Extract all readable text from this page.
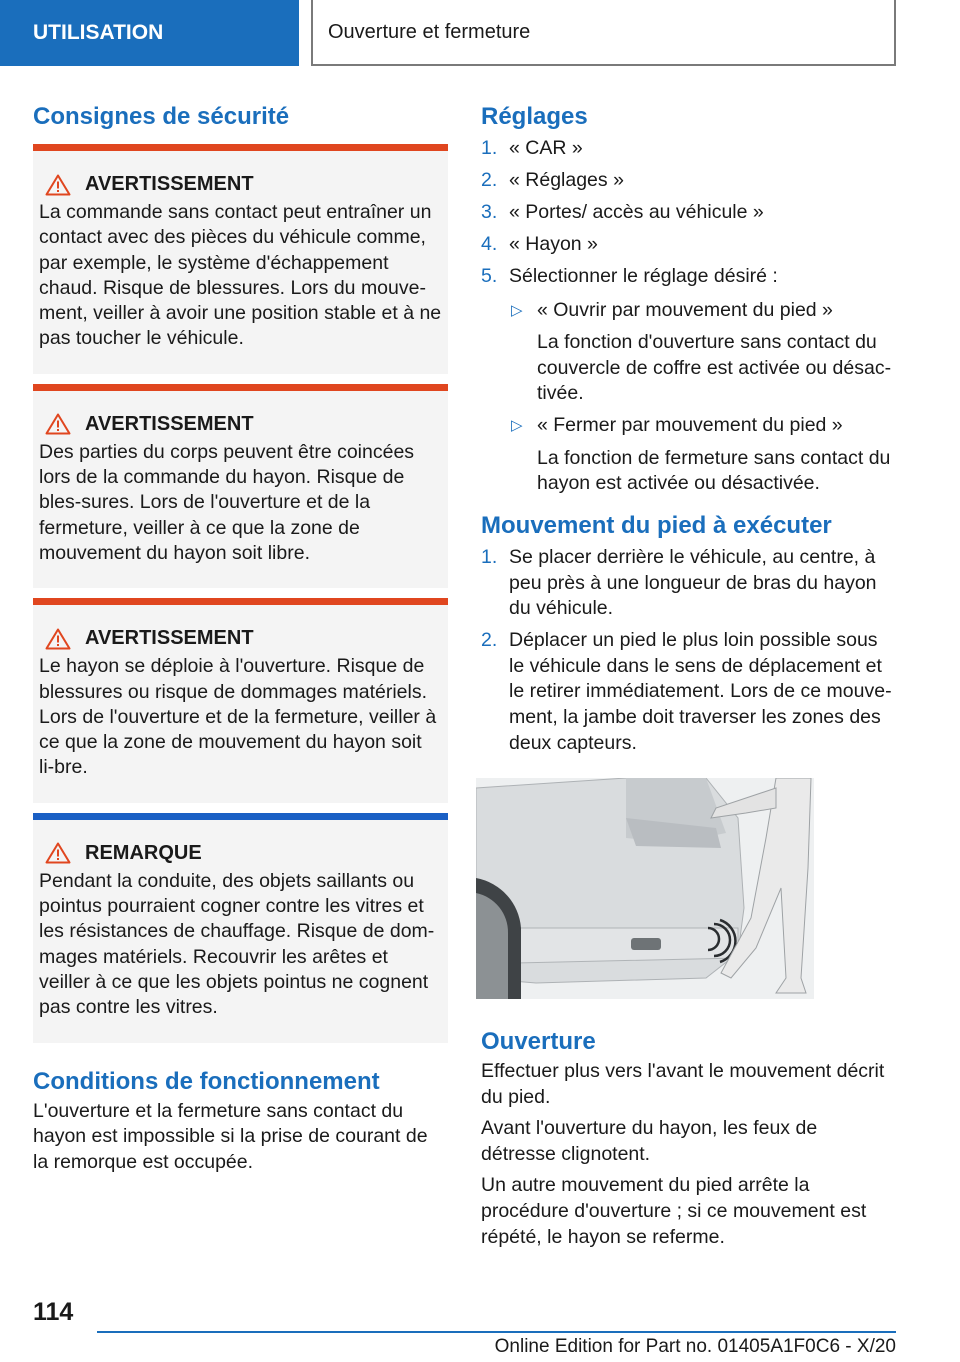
UTILISATION	Ouverture et fermeture
Consignes de sécurité
AVERTISSEMENT

La commande sans contact peut entraîner un contact avec des pièces du véhicule comme, par exemple, le système d'échappement chaud. Risque de blessures. Lors du mouve-ment, veiller à avoir une position stable et à ne pas toucher le véhicule.

AVERTISSEMENT

Des parties du corps peuvent être coincées lors de la commande du hayon. Risque de bles-sures. Lors de l'ouverture et de la fermeture, veiller à ce que la zone de mouvement du hayon soit libre.

AVERTISSEMENT

Le hayon se déploie à l'ouverture. Risque de blessures ou risque de dommages matériels. Lors de l'ouverture et de la fermeture, veiller à ce que la zone de mouvement du hayon soit li-bre.

REMARQUE

Pendant la conduite, des objets saillants ou pointus pourraient cogner contre les vitres et les résistances de chauffage. Risque de dom-mages matériels. Recouvrir les arêtes et veiller à ce que les objets pointus ne cognent pas contre les vitres.

Conditions de fonctionnement

L'ouverture et la fermeture sans contact du hayon est impossible si la prise de courant de la remorque est occupée.

Réglages
1. « CAR »
2. « Réglages »
3. « Portes/ accès au véhicule »
4. « Hayon »
5. Sélectionner le réglage désiré :
▷ « Ouvrir par mouvement du pied »
La fonction d'ouverture sans contact du couvercle de coffre est activée ou désac-tivée.
▷ « Fermer par mouvement du pied »
La fonction de fermeture sans contact du hayon est activée ou désactivée.
Mouvement du pied à exécuter
1. Se placer derrière le véhicule, au centre, à peu près à une longueur de bras du hayon du véhicule.
2. Déplacer un pied le plus loin possible sous le véhicule dans le sens de déplacement et le retirer immédiatement. Lors de ce mouve-ment, la jambe doit traverser les zones des deux capteurs.
Ouverture

Effectuer plus vers l'avant le mouvement décrit du pied.

Avant l'ouverture du hayon, les feux de détresse clignotent.

Un autre mouvement du pied arrête la procédure d'ouverture ; si ce mouvement est répété, le hayon se referme.

114
Online Edition for Part no. 01405A1F0C6 - X/20
